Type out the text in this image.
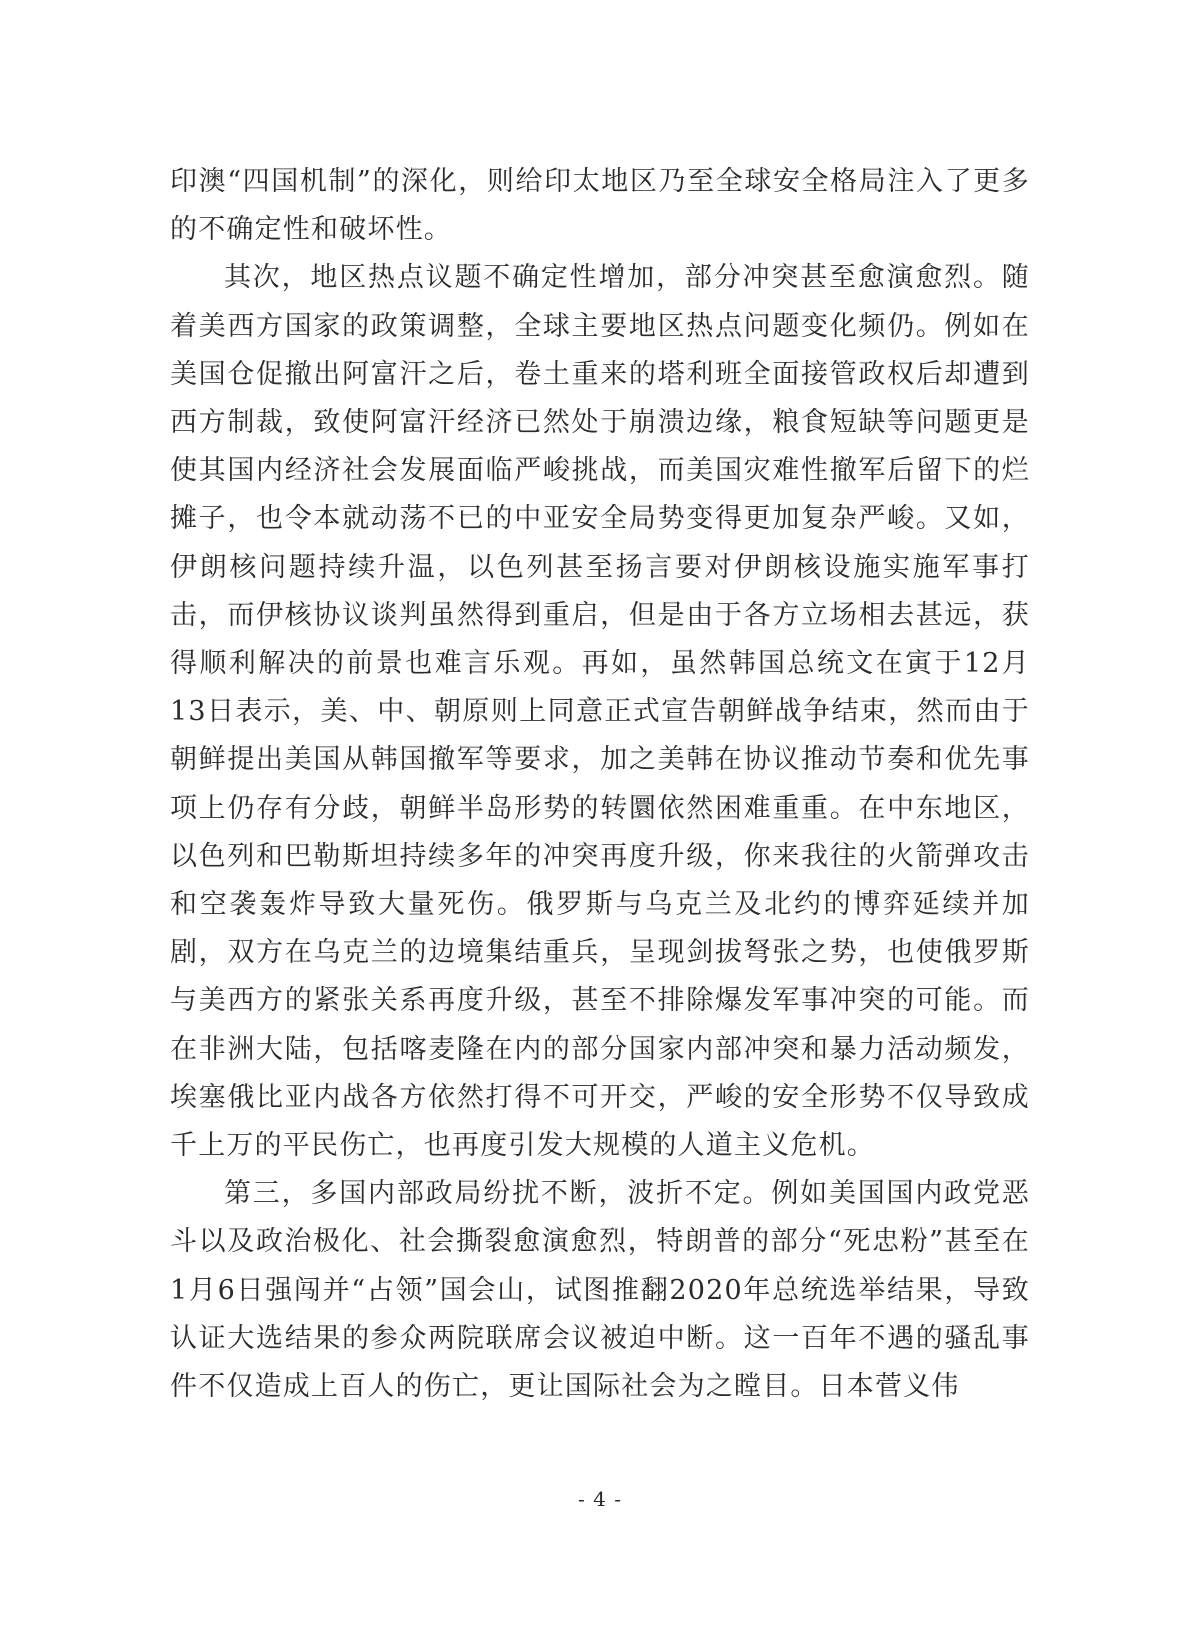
印澳“四国机制”的深化，则给印太地区乃至全球安全格局注入了更多的不确定性和破坏性。

其次，地区热点议题不确定性增加，部分冲突甚至愈演愈烈。随着美西方国家的政策调整，全球主要地区热点问题变化频仍。例如在美国仓促撤出阿富汗之后，卷土重来的塔利班全面接管政权后却遭到西方制裁，致使阿富汗经济已然处于崩溃边缘，粮食短缺等问题更是使其国内经济社会发展面临严峻挑战，而美国灾难性撤军后留下的烂摊子，也令本就动荡不已的中亚安全局势变得更加复杂严峻。又如，伊朗核问题持续升温，以色列甚至扬言要对伊朗核设施实施军事打击，而伊核协议谈判虽然得到重启，但是由于各方立场相去甚远，获得顺利解决的前景也难言乐观。再如，虽然韩国总统文在寅于12月13日表示，美、中、朝原则上同意正式宣告朝鲜战争结束，然而由于朝鲜提出美国从韩国撤军等要求，加之美韩在协议推动节奏和优先事项上仍存有分歧，朝鲜半岛形势的转圜依然困难重重。在中东地区，以色列和巴勒斯坦持续多年的冲突再度升级，你来我往的火箭弹攻击和空袭轰炸导致大量死伤。俄罗斯与乌克兰及北约的博弈延续并加剧，双方在乌克兰的边境集结重兵，呈现剑拔弩张之势，也使俄罗斯与美西方的紧张关系再度升级，甚至不排除爆发军事冲突的可能。而在非洲大陆，包括喀麦隆在内的部分国家内部冲突和暴力活动频发，埃塞俄比亚内战各方依然打得不可开交，严峻的安全形势不仅导致成千上万的平民伤亡，也再度引发大规模的人道主义危机。

第三，多国内部政局纷扰不断，波折不定。例如美国国内政党恶斗以及政治极化、社会撕裂愈演愈烈，特朗普的部分“死忠粉”甚至在1月6日强闯并“占领”国会山，试图推翻2020年总统选举结果，导致认证大选结果的参众两院联席会议被迫中断。这一百年不遇的骚乱事件不仅造成上百人的伤亡，更让国际社会为之瞠目。日本菅义伟

- 4 -
